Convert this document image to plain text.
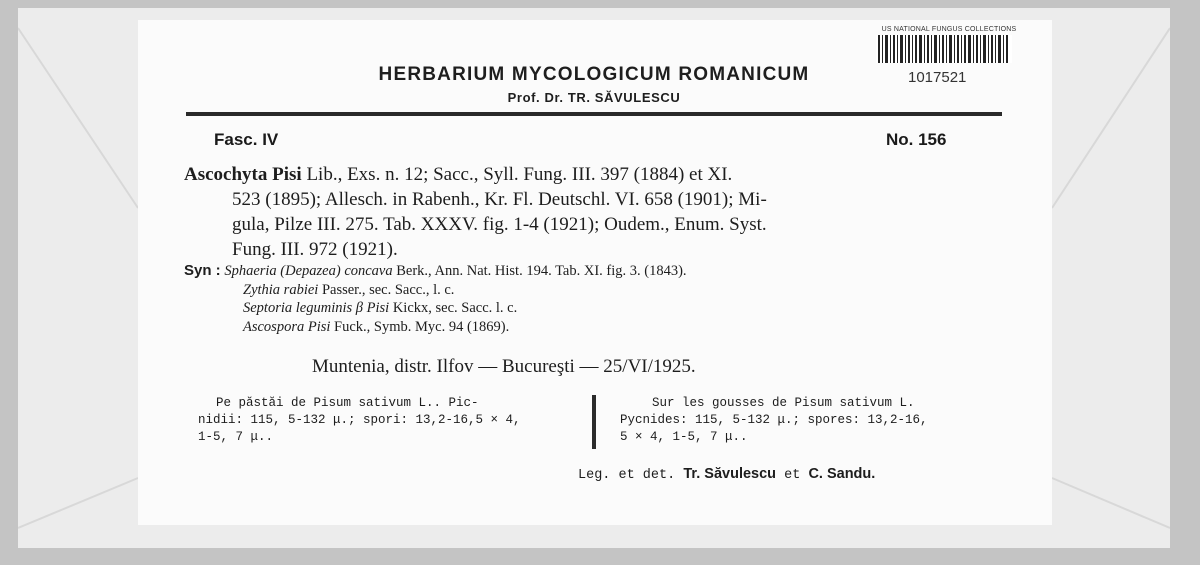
US NATIONAL FUNGUS COLLECTIONS
1017521
HERBARIUM MYCOLOGICUM ROMANICUM
Prof. Dr. TR. SĂVULESCU
Fasc. IV	No. 156
Ascochyta Pisi Lib., Exs. n. 12; Sacc., Syll. Fung. III. 397 (1884) et XI.
523 (1895); Allesch. in Rabenh., Kr. Fl. Deutschl. VI. 658 (1901); Mi-
gula, Pilze III. 275. Tab. XXXV. fig. 1-4 (1921); Oudem., Enum. Syst.
Fung. III. 972 (1921).
Syn : Sphaeria (Depazea) concava Berk., Ann. Nat. Hist. 194. Tab. XI. fig. 3. (1843).
Zythia rabiei Passer., sec. Sacc., l. c.
Septoria leguminis β Pisi Kickx, sec. Sacc. l. c.
Ascospora Pisi Fuck., Symb. Myc. 94 (1869).
Muntenia, distr. Ilfov — Bucureşti — 25/VI/1925.
Pe păstăi de Pisum sativum L.. Pic-
nidii: 115, 5-132 μ.; spori: 13,2-16,5 × 4,
1-5, 7 μ..
Sur les gousses de Pisum sativum L.
Pycnides: 115, 5-132 μ.; spores: 13,2-16,
5 × 4, 1-5, 7 μ..
Leg. et det. Tr. Săvulescu et C. Sandu.
